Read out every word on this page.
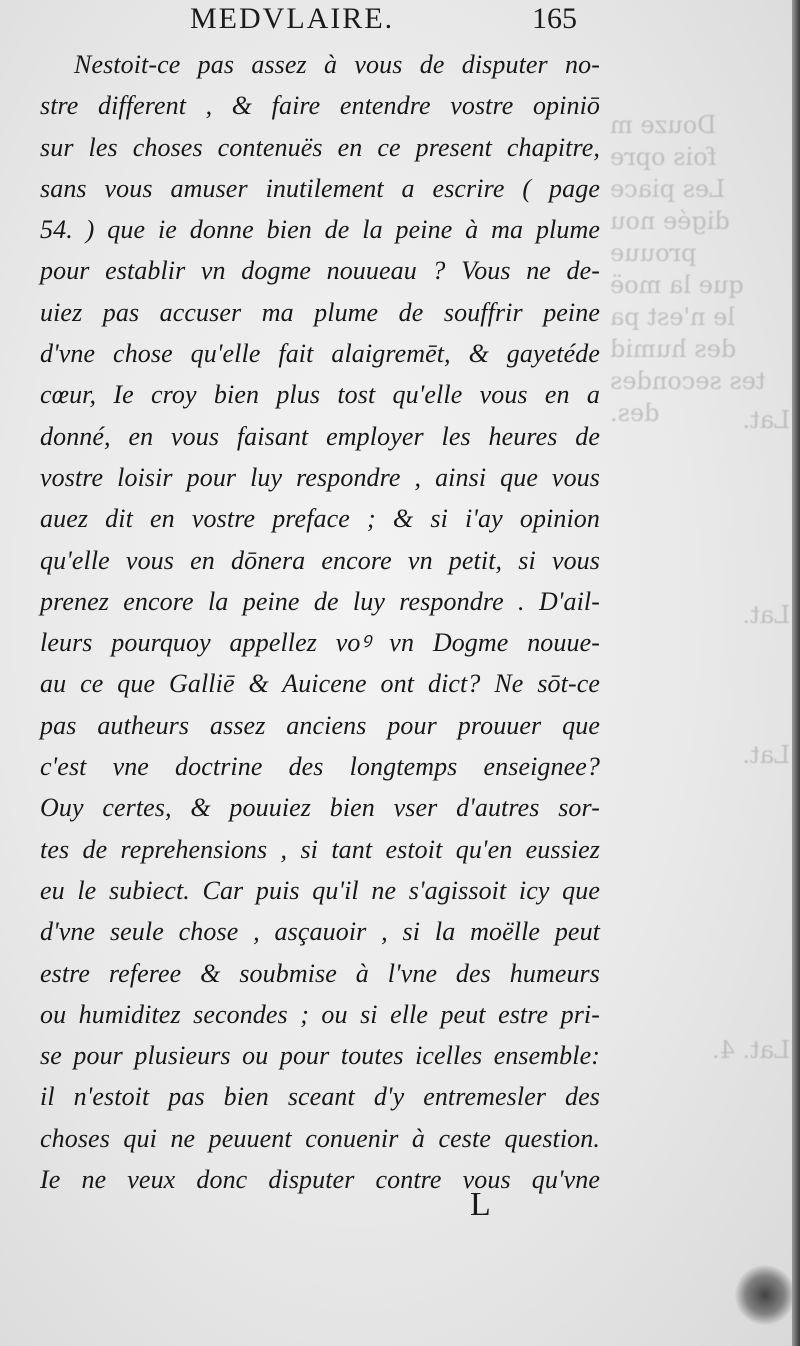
Douze m
fois opre
Les piace
digée nou
prouue
que la moë
le n'est pa
des humid
tes secondes
des.	Lat.
Lat.
Lat.
Lat. 4.
MEDVLAIRE.	165
Nestoit-ce pas assez à vous de disputer no-
stre different , & faire entendre vostre opiniō
sur les choses contenuës en ce present chapitre,
sans vous amuser inutilement a escrire ( page
54. ) que ie donne bien de la peine à ma plume
pour establir vn dogme nouueau ? Vous ne de-
uiez pas accuser ma plume de souffrir peine
d'vne chose qu'elle fait alaigremēt, & gayetéde
cœur, Ie croy bien plus tost qu'elle vous en a
donné, en vous faisant employer les heures de
vostre loisir pour luy respondre , ainsi que vous
auez dit en vostre preface ; & si i'ay opinion
qu'elle vous en dōnera encore vn petit, si vous
prenez encore la peine de luy respondre . D'ail-
leurs pourquoy appellez voꝰ vn Dogme nouue-
au ce que Galliē & Auicene ont dict? Ne sōt-ce
pas autheurs assez anciens pour prouuer que
c'est vne doctrine des longtemps enseignee?
Ouy certes, & pouuiez bien vser d'autres sor-
tes de reprehensions , si tant estoit qu'en eussiez
eu le subiect. Car puis qu'il ne s'agissoit icy que
d'vne seule chose , asçauoir , si la moëlle peut
estre referee & soubmise à l'vne des humeurs
ou humiditez secondes ; ou si elle peut estre pri-
se pour plusieurs ou pour toutes icelles ensemble:
il n'estoit pas bien sceant d'y entremesler des
choses qui ne peuuent conuenir à ceste question.
Ie ne veux donc disputer contre vous qu'vne
L
